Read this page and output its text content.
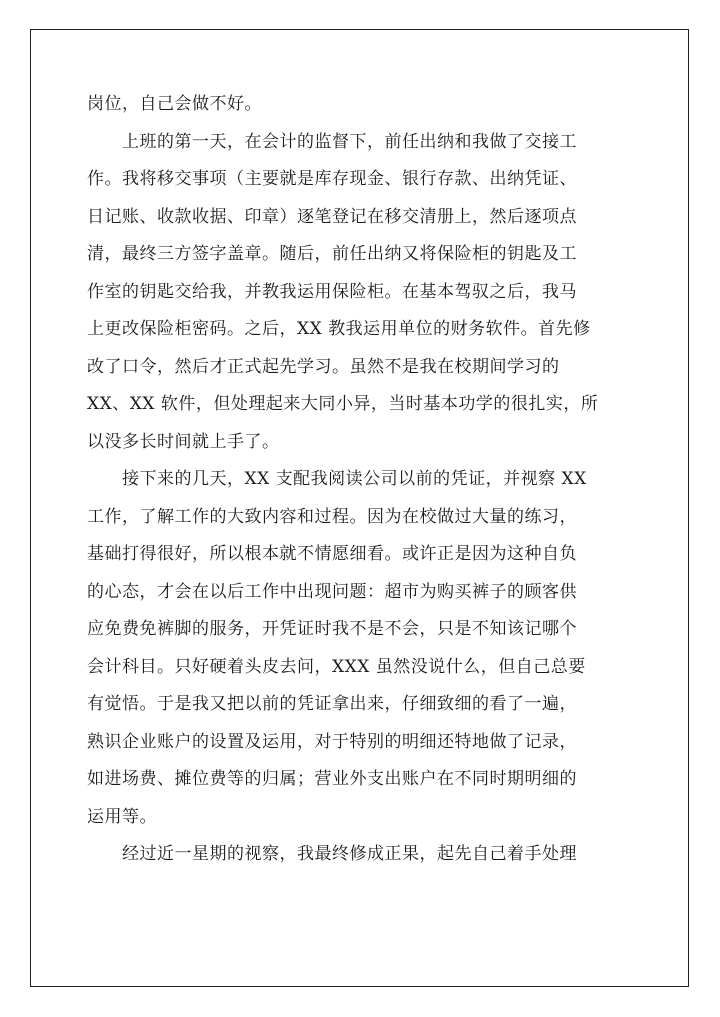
岗位，自己会做不好。
　　上班的第一天，在会计的监督下，前任出纳和我做了交接工
作。我将移交事项（主要就是库存现金、银行存款、出纳凭证、
日记账、收款收据、印章）逐笔登记在移交清册上，然后逐项点
清，最终三方签字盖章。随后，前任出纳又将保险柜的钥匙及工
作室的钥匙交给我，并教我运用保险柜。在基本驾驭之后，我马
上更改保险柜密码。之后，XX 教我运用单位的财务软件。首先修
改了口令，然后才正式起先学习。虽然不是我在校期间学习的
XX、XX 软件，但处理起来大同小异，当时基本功学的很扎实，所
以没多长时间就上手了。
　　接下来的几天，XX 支配我阅读公司以前的凭证，并视察 XX
工作，了解工作的大致内容和过程。因为在校做过大量的练习，
基础打得很好，所以根本就不情愿细看。或许正是因为这种自负
的心态，才会在以后工作中出现问题：超市为购买裤子的顾客供
应免费免裤脚的服务，开凭证时我不是不会，只是不知该记哪个
会计科目。只好硬着头皮去问，XXX 虽然没说什么，但自己总要
有觉悟。于是我又把以前的凭证拿出来，仔细致细的看了一遍，
熟识企业账户的设置及运用，对于特别的明细还特地做了记录，
如进场费、摊位费等的归属；营业外支出账户在不同时期明细的
运用等。
　　经过近一星期的视察，我最终修成正果，起先自己着手处理
